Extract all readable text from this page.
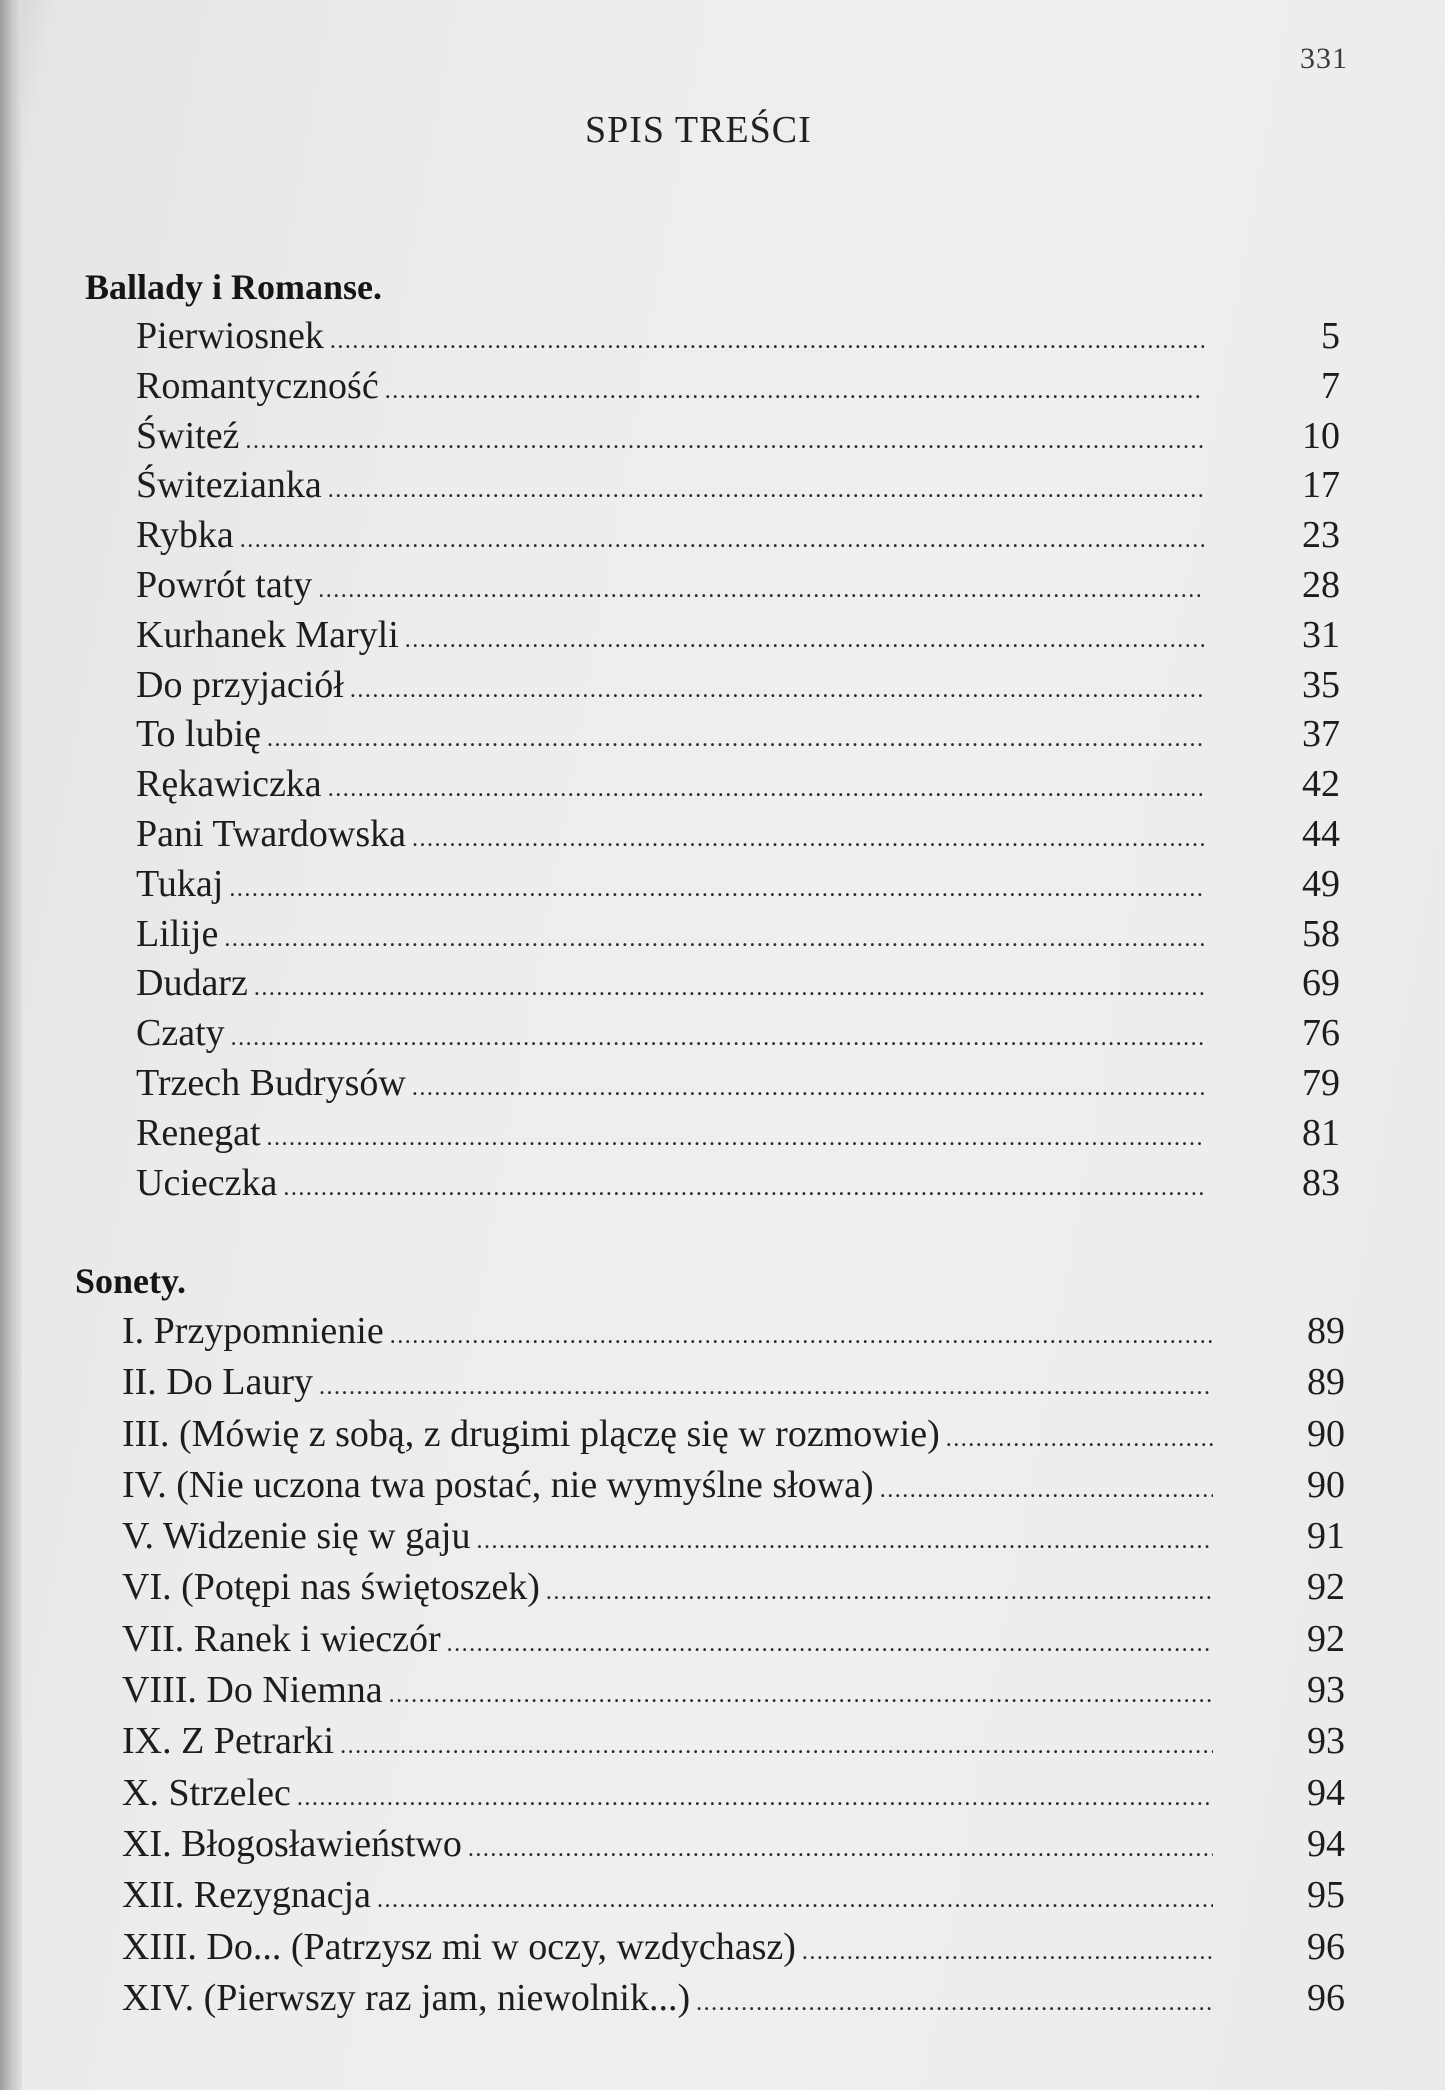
331
SPIS TREŚCI
Ballady i Romanse.
Pierwiosnek .....	5
Romantyczność .....	7
Świteź .....	10
Świtezianka .....	17
Rybka .....	23
Powrót taty .....	28
Kurhanek Maryli .....	31
Do przyjaciół .....	35
To lubię .....	37
Rękawiczka .....	42
Pani Twardowska .....	44
Tukaj .....	49
Lilije .....	58
Dudarz .....	69
Czaty .....	76
Trzech Budrysów .....	79
Renegat .....	81
Ucieczka .....	83
Sonety.
I. Przypomnienie .....	89
II. Do Laury .....	89
III. (Mówię z sobą, z drugimi plączę się w rozmowie) .....	90
IV. (Nie uczona twa postać, nie wymyślne słowa) .....	90
V. Widzenie się w gaju .....	91
VI. (Potępi nas świętoszek) .....	92
VII. Ranek i wieczór .....	92
VIII. Do Niemna .....	93
IX. Z Petrarki .....	93
X. Strzelec .....	94
XI. Błogosławieństwo .....	94
XII. Rezygnacja .....	95
XIII. Do... (Patrzysz mi w oczy, wzdychasz) .....	96
XIV. (Pierwszy raz jam, niewolnik...) .....	96
